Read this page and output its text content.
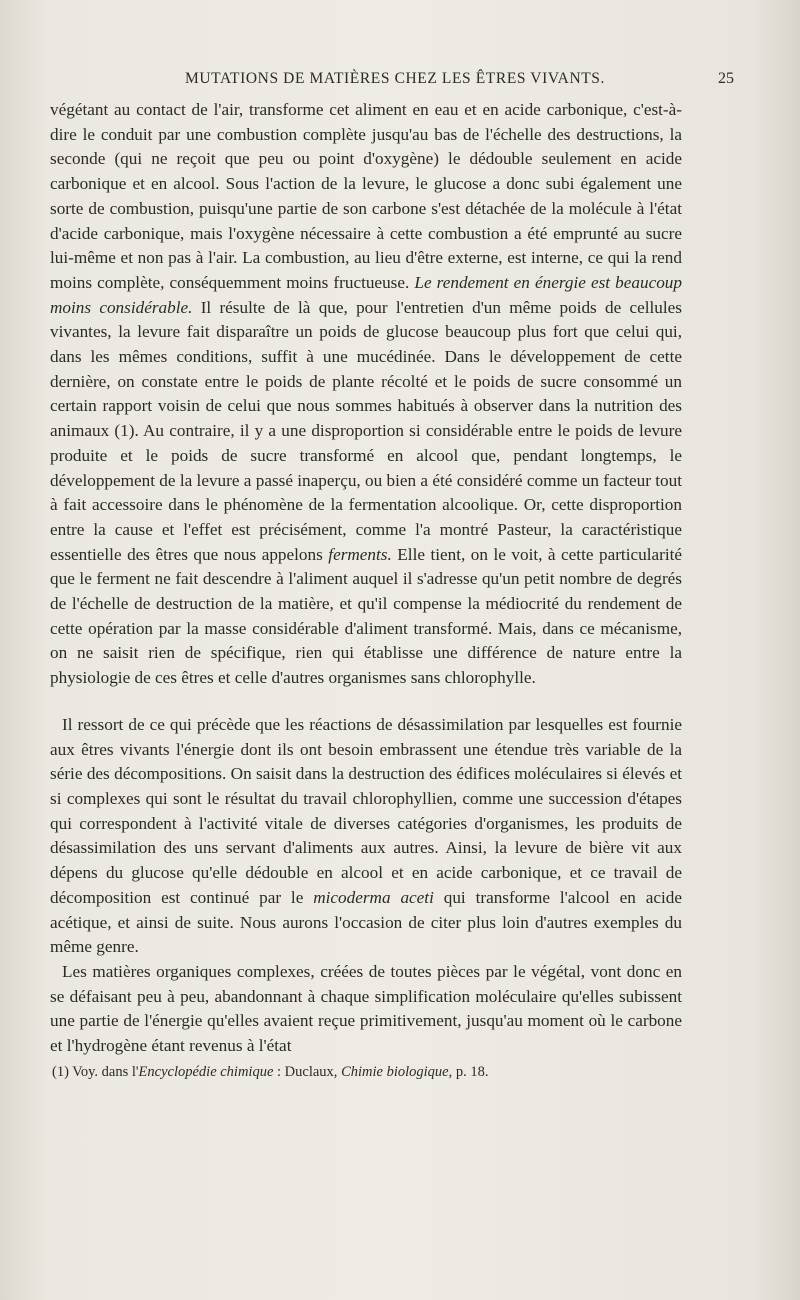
MUTATIONS DE MATIÈRES CHEZ LES ÊTRES VIVANTS.	25

végétant au contact de l'air, transforme cet aliment en eau et en acide carbonique, c'est-à-dire le conduit par une combustion complète jusqu'au bas de l'échelle des destructions, la seconde (qui ne reçoit que peu ou point d'oxygène) le dédouble seulement en acide carbonique et en alcool. Sous l'action de la levure, le glucose a donc subi également une sorte de combustion, puisqu'une partie de son carbone s'est détachée de la molécule à l'état d'acide carbonique, mais l'oxygène nécessaire à cette combustion a été emprunté au sucre lui-même et non pas à l'air. La combustion, au lieu d'être externe, est interne, ce qui la rend moins complète, conséquemment moins fructueuse. Le rendement en énergie est beaucoup moins considérable. Il résulte de là que, pour l'entretien d'un même poids de cellules vivantes, la levure fait disparaître un poids de glucose beaucoup plus fort que celui qui, dans les mêmes conditions, suffit à une mucédinée. Dans le développement de cette dernière, on constate entre le poids de plante récolté et le poids de sucre consommé un certain rapport voisin de celui que nous sommes habitués à observer dans la nutrition des animaux (1). Au contraire, il y a une disproportion si considérable entre le poids de levure produite et le poids de sucre transformé en alcool que, pendant longtemps, le développement de la levure a passé inaperçu, ou bien a été considéré comme un facteur tout à fait accessoire dans le phénomène de la fermentation alcoolique. Or, cette disproportion entre la cause et l'effet est précisément, comme l'a montré Pasteur, la caractéristique essentielle des êtres que nous appelons ferments. Elle tient, on le voit, à cette particularité que le ferment ne fait descendre à l'aliment auquel il s'adresse qu'un petit nombre de degrés de l'échelle de destruction de la matière, et qu'il compense la médiocrité du rendement de cette opération par la masse considérable d'aliment transformé. Mais, dans ce mécanisme, on ne saisit rien de spécifique, rien qui établisse une différence de nature entre la physiologie de ces êtres et celle d'autres organismes sans chlorophylle.

Il ressort de ce qui précède que les réactions de désassimilation par lesquelles est fournie aux êtres vivants l'énergie dont ils ont besoin embrassent une étendue très variable de la série des décompositions. On saisit dans la destruction des édifices moléculaires si élevés et si complexes qui sont le résultat du travail chlorophyllien, comme une succession d'étapes qui correspondent à l'activité vitale de diverses catégories d'organismes, les produits de désassimilation des uns servant d'aliments aux autres. Ainsi, la levure de bière vit aux dépens du glucose qu'elle dédouble en alcool et en acide carbonique, et ce travail de décomposition est continué par le micoderma aceti qui transforme l'alcool en acide acétique, et ainsi de suite. Nous aurons l'occasion de citer plus loin d'autres exemples du même genre.

Les matières organiques complexes, créées de toutes pièces par le végétal, vont donc en se défaisant peu à peu, abandonnant à chaque simplification moléculaire qu'elles subissent une partie de l'énergie qu'elles avaient reçue primitivement, jusqu'au moment où le carbone et l'hydrogène étant revenus à l'état

(1) Voy. dans l'Encyclopédie chimique : Duclaux, Chimie biologique, p. 18.
